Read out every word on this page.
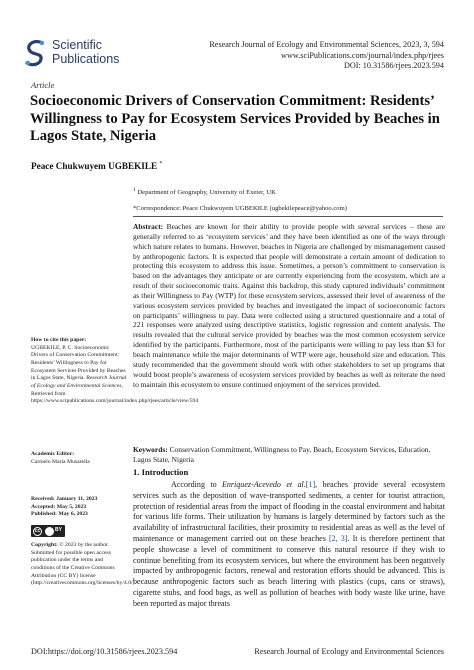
Scientific
Publications
Research Journal of Ecology and Environmental Sciences, 2023, 3, 594
www.sciPublications.com/journal/index.php/rjees
DOI: 10.31586/rjees.2023.594
Article
Socioeconomic Drivers of Conservation Commitment: Residents’ Willingness to Pay for Ecosystem Services Provided by Beaches in Lagos State, Nigeria
Peace Chukwuyem UGBEKILE *
$^1$ Department of Geography, University of Exeter, UK
*Correspondence: Peace Chukwuyem UGBEKILE (ugbekilepeace@yahoo.com)
Abstract: Beaches are known for their ability to provide people with several services – these are generally referred to as ‘ecosystem services’ and they have been identified as one of the ways through which nature relates to humans. However, beaches in Nigeria are challenged by mismanagement caused by anthropogenic factors. It is expected that people will demonstrate a certain amount of dedication to protecting this ecosystem to address this issue. Sometimes, a person’s commitment to conservation is based on the advantages they anticipate or are currently experiencing from the ecosystem, which are a result of their socioeconomic traits. Against this backdrop, this study captured individuals’ commitment as their Willingness to Pay (WTP) for these ecosystem services, assessed their level of awareness of the various ecosystem services provided by beaches and investigated the impact of socioeconomic factors on participants’ willingness to pay. Data were collected using a structured questionnaire and a total of 221 responses were analyzed using descriptive statistics, logistic regression and content analysis. The results revealed that the cultural service provided by beaches was the most common ecosystem service identified by the participants. Furthermore, most of the participants were willing to pay less than $3 for beach maintenance while the major determinants of WTP were age, household size and education. This study recommended that the government should work with other stakeholders to set up programs that would boost people’s awareness of ecosystem services provided by beaches as well as reiterate the need to maintain this ecosystem to ensure continued enjoyment of the services provided.
Keywords: Conservation Commitment, Willingness to Pay, Beach, Ecosystem Services, Education, Lagos State, Nigeria
How to cite this paper:
UGBEKILE, P. C. Socioeconomic Drivers of Conservation Commitment: Residents’ Willingness to Pay for Ecosystem Services Provided by Beaches in Lagos State, Nigeria. Research Journal of Ecology and Environmental Sciences, Retrieved from https://www.scipublications.com/journal/index.php/rjees/article/view/594
Academic Editor:
Carmelo Maria Musarella
Received: January 11, 2023
Accepted: May 5, 2023
Published: May 6, 2023
cc	BY
Copyright: © 2023 by the author. Submitted for possible open access publication under the terms and conditions of the Creative Commons Attribution (CC BY) license (http://creativecommons.org/licenses/by/4.0/).
1. Introduction
According to Enriquez-Acevedo et al.[1], beaches provide several ecosystem services such as the deposition of wave-transported sediments, a center for tourist attraction, protection of residential areas from the impact of flooding in the coastal environment and habitat for various life forms. Their utilization by humans is largely determined by factors such as the availability of infrastructural facilities, their proximity to residential areas as well as the level of maintenance or management carried out on these beaches [2, 3]. It is therefore pertinent that people showcase a level of commitment to conserve this natural resource if they wish to continue benefiting from its ecosystem services, but where the environment has been negatively impacted by anthropogenic factors, renewal and restoration efforts should be advanced. This is because anthropogenic factors such as beach littering with plastics (cups, cans or straws), cigarette stubs, and food bags, as well as pollution of beaches with body waste like urine, have been reported as major threats
DOI:https://doi.org/10.31586/rjees.2023.594	Research Journal of Ecology and Environmental Sciences
